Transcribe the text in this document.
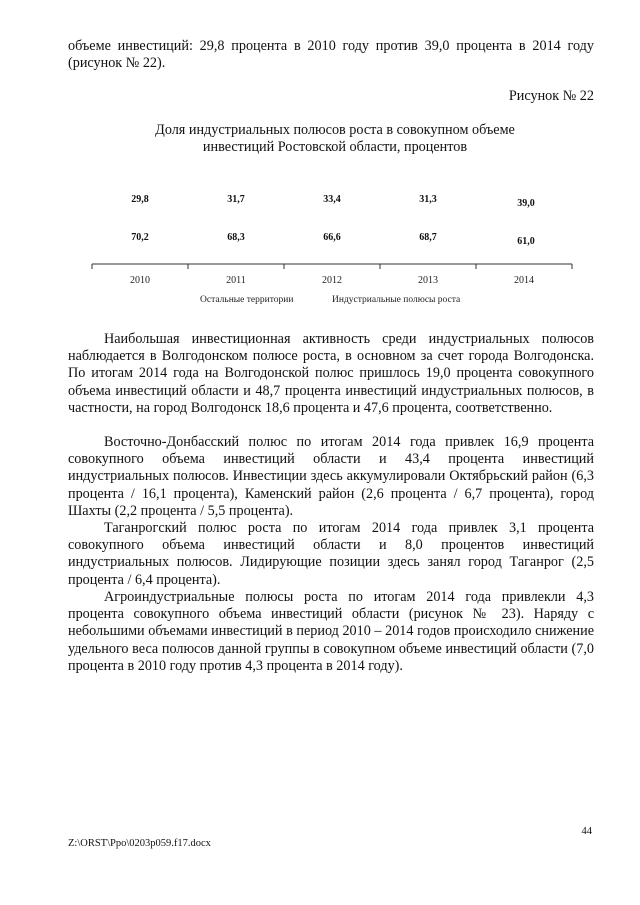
объеме инвестиций: 29,8 процента в 2010 году против 39,0 процента в 2014 году (рисунок № 22).

Рисунок № 22
Доля индустриальных полюсов роста в совокупном объеме инвестиций Ростовской области, процентов
2010	2011	2012	2013	2014
29,8	31,7	33,4	31,3	39,0
70,2	68,3	66,6	68,7	61,0
Остальные территории	Индустриальные полюсы роста

Наибольшая инвестиционная активность среди индустриальных полюсов наблюдается в Волгодонском полюсе роста, в основном за счет города Волгодонска. По итогам 2014 года на Волгодонской полюс пришлось 19,0 процента совокупного объема инвестиций области и 48,7 процента инвестиций индустриальных полюсов, в частности, на город Волгодонск 18,6 процента и 47,6 процента, соответственно.

Восточно-Донбасский полюс по итогам 2014 года привлек 16,9 процента совокупного объема инвестиций области и 43,4 процента инвестиций индустриальных полюсов. Инвестиции здесь аккумулировали Октябрьский район (6,3 процента / 16,1 процента), Каменский район (2,6 процента / 6,7 процента), город Шахты (2,2 процента / 5,5 процента).

Таганрогский полюс роста по итогам 2014 года привлек 3,1 процента совокупного объема инвестиций области и 8,0 процентов инвестиций индустриальных полюсов. Лидирующие позиции здесь занял город Таганрог (2,5 процента / 6,4 процента).

Агроиндустриальные полюсы роста по итогам 2014 года привлекли 4,3 процента совокупного объема инвестиций области (рисунок № 23). Наряду с небольшими объемами инвестиций в период 2010 – 2014 годов происходило снижение удельного веса полюсов данной группы в совокупном объеме инвестиций области (7,0 процента в 2010 году против 4,3 процента в 2014 году).

Z:\ORST\Ppo\0203p059.f17.docx
44
